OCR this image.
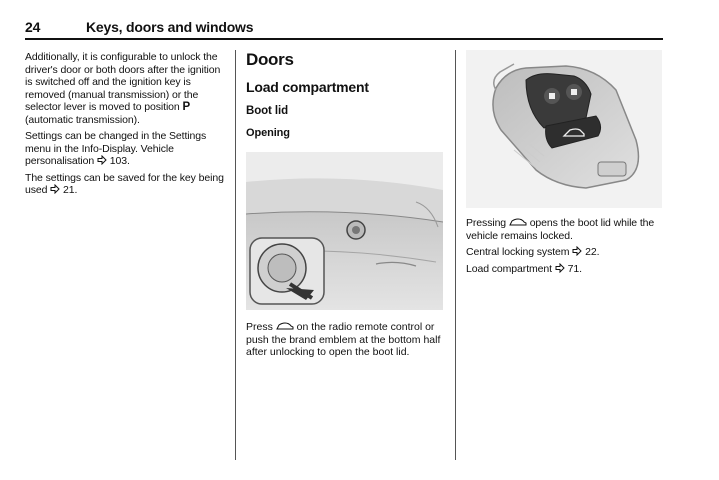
24	Keys, doors and windows

Additionally, it is configurable to unlock the driver's door or both doors after the ignition is switched off and the ignition key is removed (manual transmission) or the selector lever is moved to position P (automatic transmission).

Settings can be changed in the Settings menu in the Info-Display. Vehicle personalisation  103.

The settings can be saved for the key being used  21.

Doors
Load compartment
Boot lid
Opening
Press  on the radio remote control or push the brand emblem at the bottom half after unlocking to open the boot lid.

Pressing  opens the boot lid while the vehicle remains locked.

Central locking system  22.

Load compartment  71.
